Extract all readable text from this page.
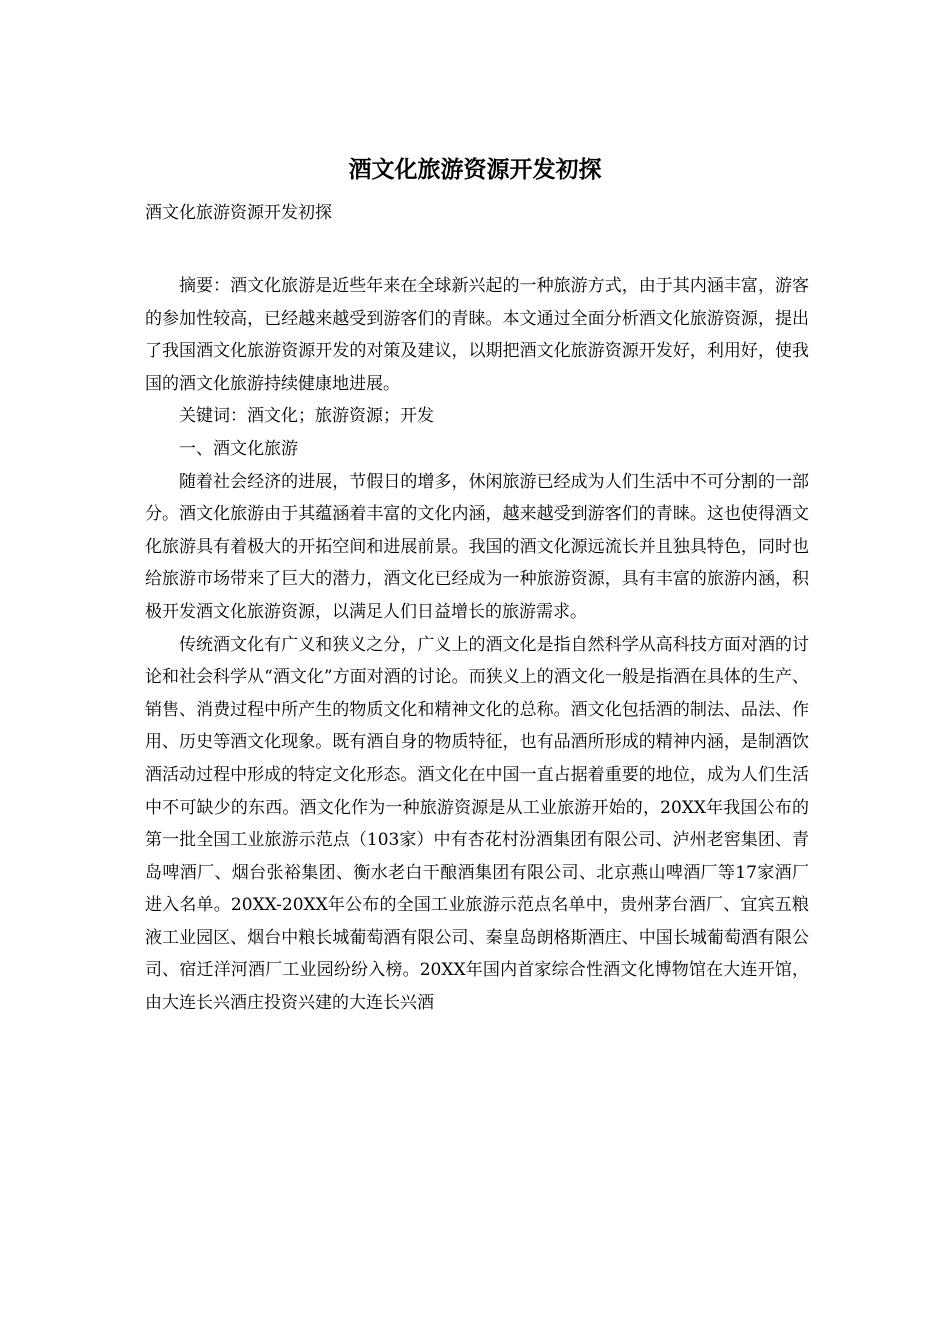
酒文化旅游资源开发初探

酒文化旅游资源开发初探

摘要：酒文化旅游是近些年来在全球新兴起的一种旅游方式，由于其内涵丰富，游客的参加性较高，已经越来越受到游客们的青睐。本文通过全面分析酒文化旅游资源，提出了我国酒文化旅游资源开发的对策及建议，以期把酒文化旅游资源开发好，利用好，使我国的酒文化旅游持续健康地进展。

关键词：酒文化；旅游资源；开发

一、酒文化旅游

随着社会经济的进展，节假日的增多，休闲旅游已经成为人们生活中不可分割的一部分。酒文化旅游由于其蕴涵着丰富的文化内涵，越来越受到游客们的青睐。这也使得酒文化旅游具有着极大的开拓空间和进展前景。我国的酒文化源远流长并且独具特色，同时也给旅游市场带来了巨大的潜力，酒文化已经成为一种旅游资源，具有丰富的旅游内涵，积极开发酒文化旅游资源，以满足人们日益增长的旅游需求。

传统酒文化有广义和狭义之分，广义上的酒文化是指自然科学从高科技方面对酒的讨论和社会科学从“酒文化”方面对酒的讨论。而狭义上的酒文化一般是指酒在具体的生产、销售、消费过程中所产生的物质文化和精神文化的总称。酒文化包括酒的制法、品法、作用、历史等酒文化现象。既有酒自身的物质特征，也有品酒所形成的精神内涵，是制酒饮酒活动过程中形成的特定文化形态。酒文化在中国一直占据着重要的地位，成为人们生活中不可缺少的东西。酒文化作为一种旅游资源是从工业旅游开始的，20XX年我国公布的第一批全国工业旅游示范点（103家）中有杏花村汾酒集团有限公司、泸州老窖集团、青岛啤酒厂、烟台张裕集团、衡水老白干酿酒集团有限公司、北京燕山啤酒厂等17家酒厂进入名单。20XX-20XX年公布的全国工业旅游示范点名单中，贵州茅台酒厂、宜宾五粮液工业园区、烟台中粮长城葡萄酒有限公司、秦皇岛朗格斯酒庄、中国长城葡萄酒有限公司、宿迁洋河酒厂工业园纷纷入榜。20XX年国内首家综合性酒文化博物馆在大连开馆，由大连长兴酒庄投资兴建的大连长兴酒
